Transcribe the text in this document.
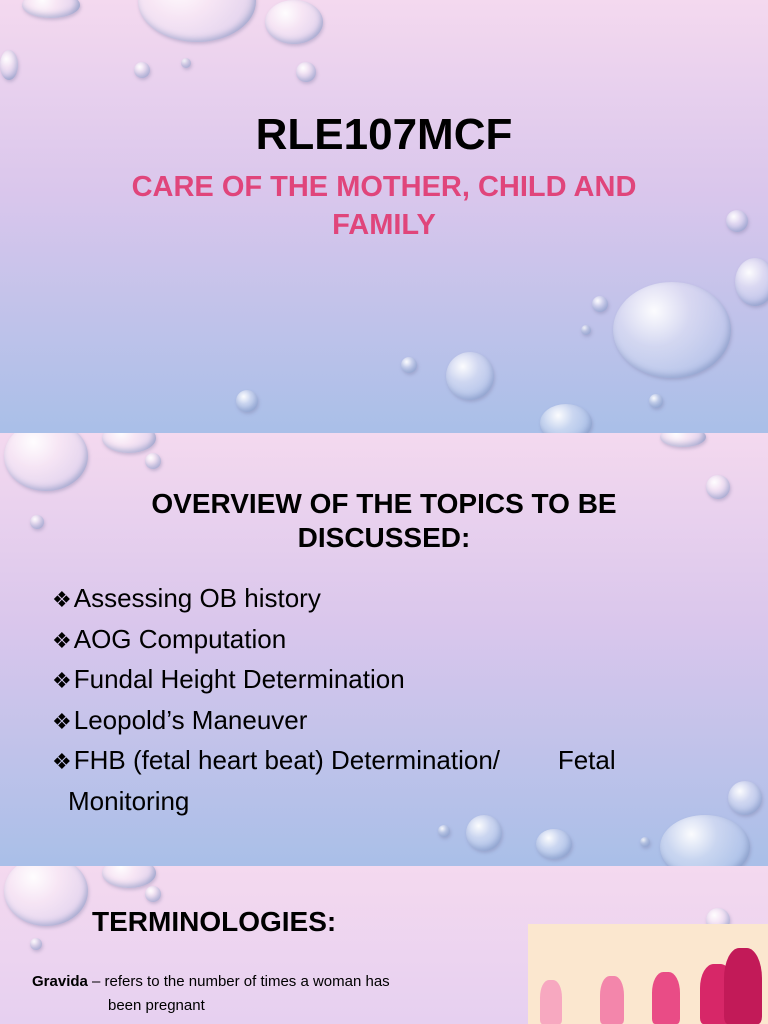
RLE107MCF
CARE OF THE MOTHER, CHILD AND FAMILY
OVERVIEW OF THE TOPICS TO BE DISCUSSED:
❖Assessing OB history
❖AOG Computation
❖Fundal Height Determination
❖Leopold’s Maneuver
❖FHB (fetal heart beat) Determination/        Fetal Monitoring
TERMINOLOGIES:
Gravida – refers to the number of times a woman has
been pregnant
